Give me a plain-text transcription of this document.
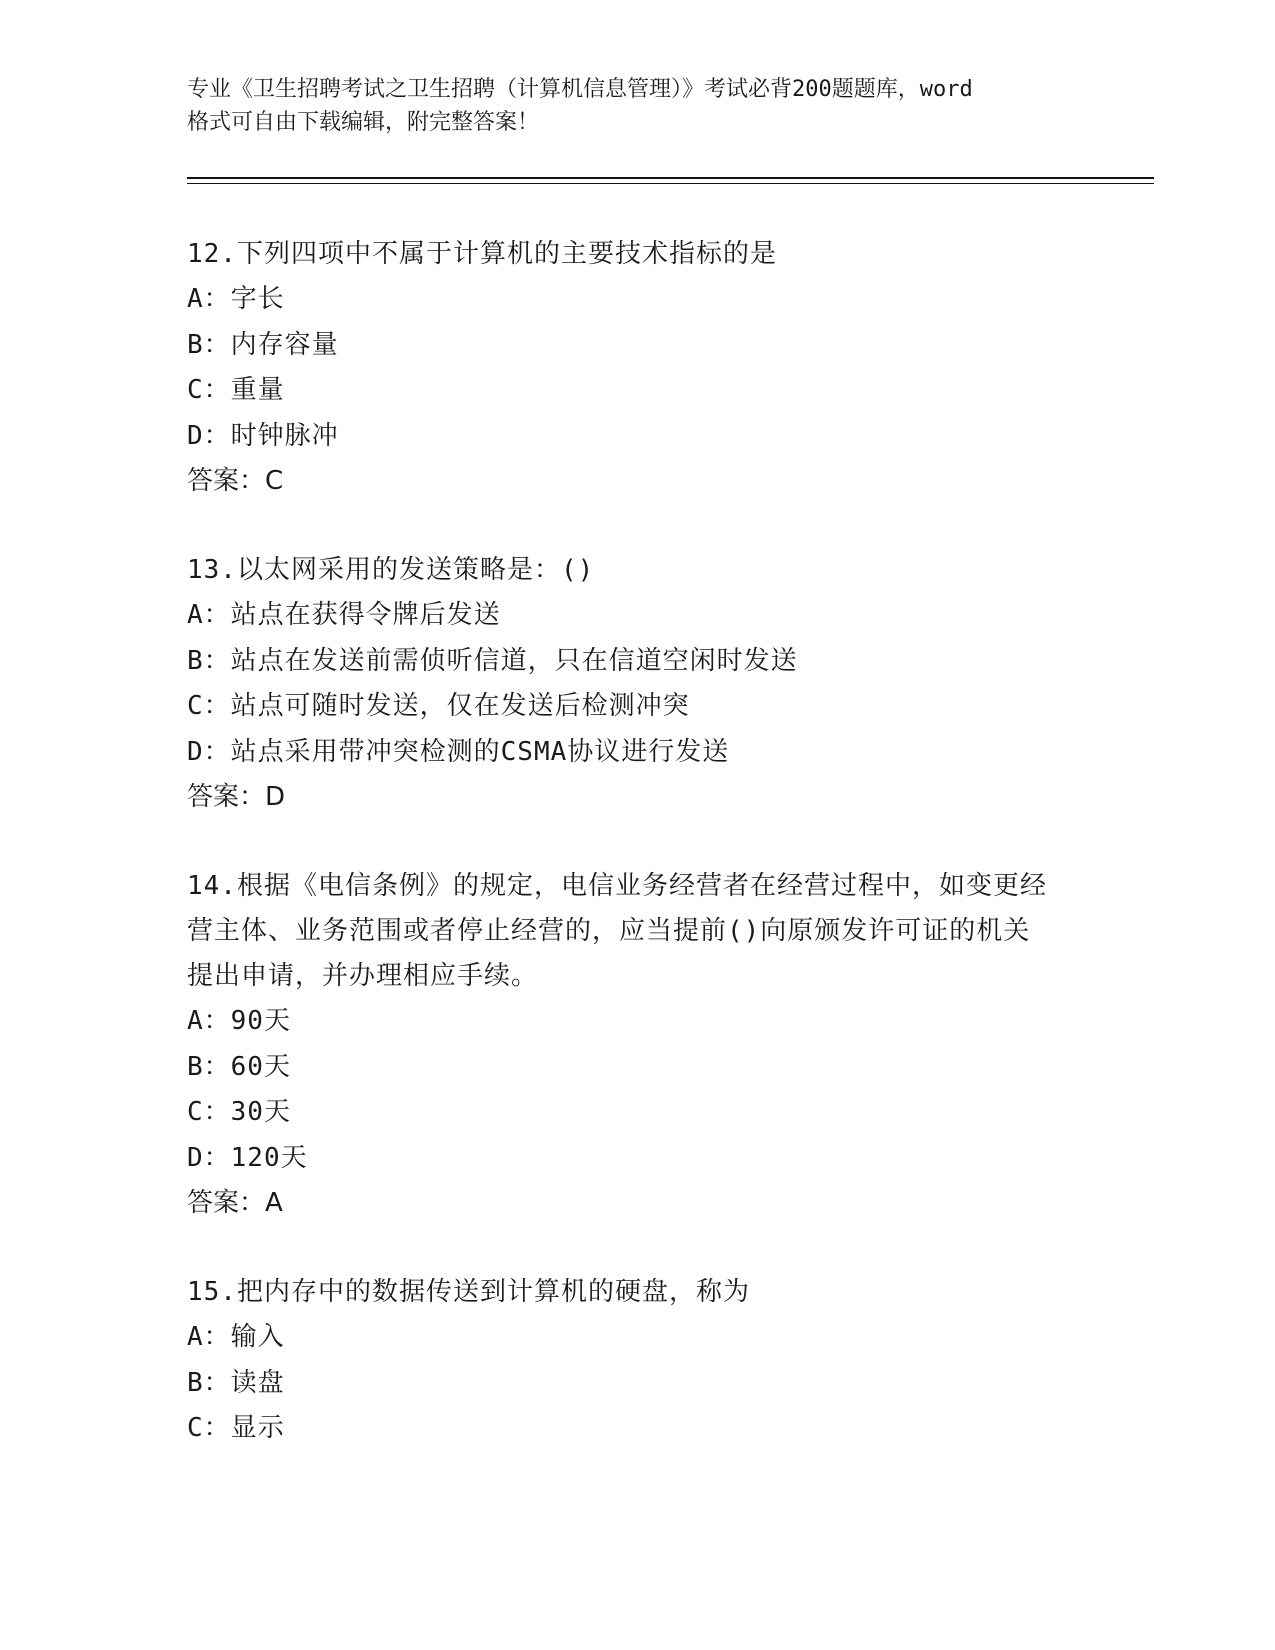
专业《卫生招聘考试之卫生招聘（计算机信息管理）》考试必背200题题库，word
格式可自由下载编辑，附完整答案！
12.下列四项中不属于计算机的主要技术指标的是
A：字长
B：内存容量
C：重量
D：时钟脉冲
答案：C
13.以太网采用的发送策略是：()
A：站点在获得令牌后发送
B：站点在发送前需侦听信道，只在信道空闲时发送
C：站点可随时发送，仅在发送后检测冲突
D：站点采用带冲突检测的CSMA协议进行发送
答案：D
14.根据《电信条例》的规定，电信业务经营者在经营过程中，如变更经营主体、业务范围或者停止经营的，应当提前()向原颁发许可证的机关提出申请，并办理相应手续。
A：90天
B：60天
C：30天
D：120天
答案：A
15.把内存中的数据传送到计算机的硬盘，称为
A：输入
B：读盘
C：显示
